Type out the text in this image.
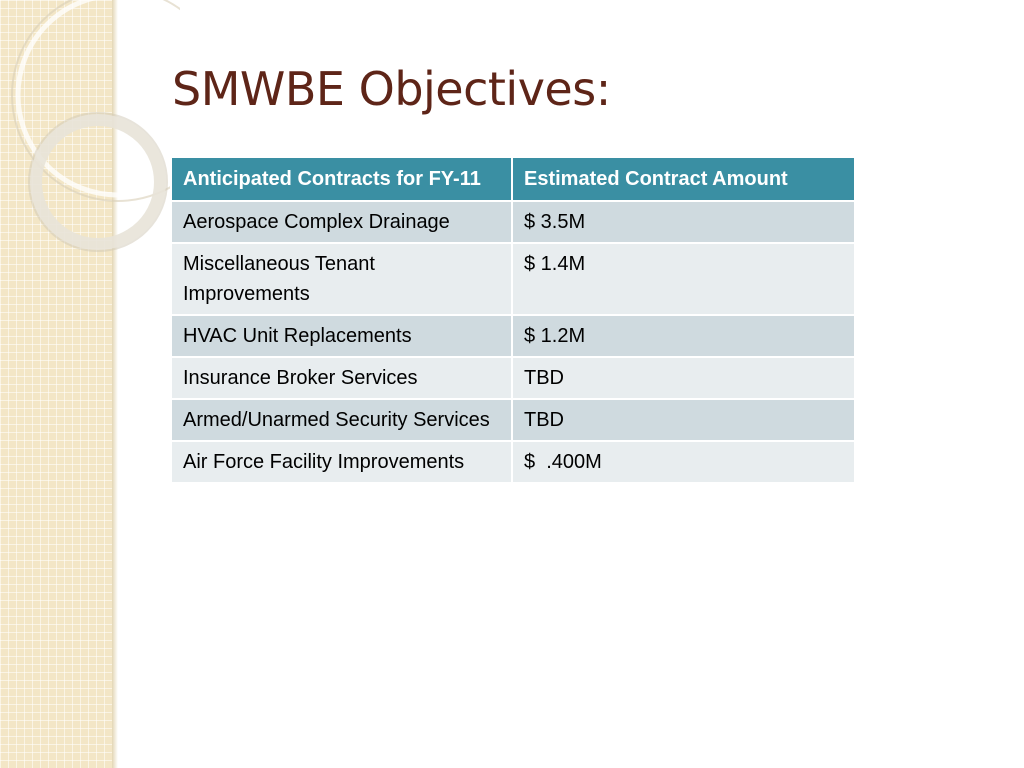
SMWBE Objectives:
Anticipated Contracts for FY-11	Estimated Contract Amount
Aerospace Complex Drainage	$ 3.5M
Miscellaneous Tenant Improvements	$ 1.4M
HVAC Unit Replacements	$ 1.2M
Insurance Broker Services	TBD
Armed/Unarmed Security Services	TBD
Air Force Facility Improvements	$  .400M
